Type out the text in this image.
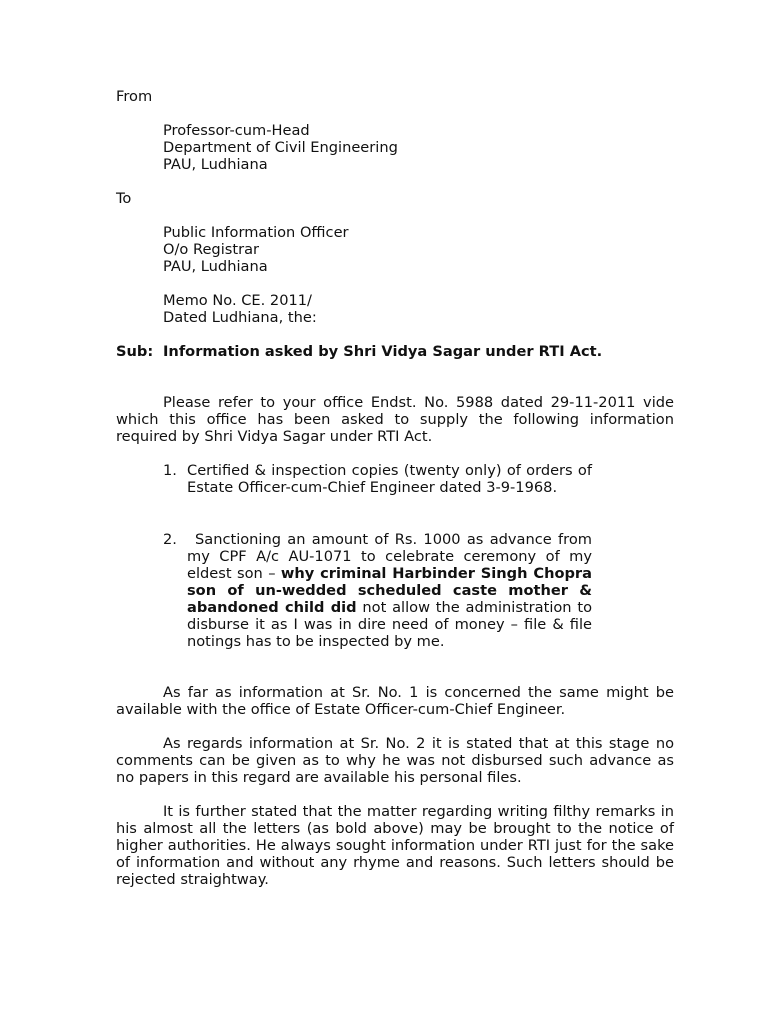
From
Professor-cum-Head
Department of Civil Engineering
PAU, Ludhiana
To
Public Information Officer
O/o Registrar
PAU, Ludhiana
Memo No. CE. 2011/
Dated Ludhiana, the:
Sub: Information asked by Shri Vidya Sagar under RTI Act.

Please refer to your office Endst. No. 5988 dated 29-11-2011 vide which this office has been asked to supply the following information required by Shri Vidya Sagar under RTI Act.

1. Certified & inspection copies (twenty only) of orders of Estate Officer-cum-Chief Engineer dated 3-9-1968.

2.	Sanctioning an amount of Rs. 1000 as advance from my CPF A/c AU-1071 to celebrate ceremony of my eldest son – why criminal Harbinder Singh Chopra son of un-wedded scheduled caste mother & abandoned child did not allow the administration to disburse it as I was in dire need of money – file & file notings has to be inspected by me.

As far as information at Sr. No. 1 is concerned the same might be available with the office of Estate Officer-cum-Chief Engineer.

As regards information at Sr. No. 2 it is stated that at this stage no comments can be given as to why he was not disbursed such advance as no papers in this regard are available his personal files.

It is further stated that the matter regarding writing filthy remarks in his almost all the letters (as bold above) may be brought to the notice of higher authorities. He always sought information under RTI just for the sake of information and without any rhyme and reasons. Such letters should be rejected straightway.
